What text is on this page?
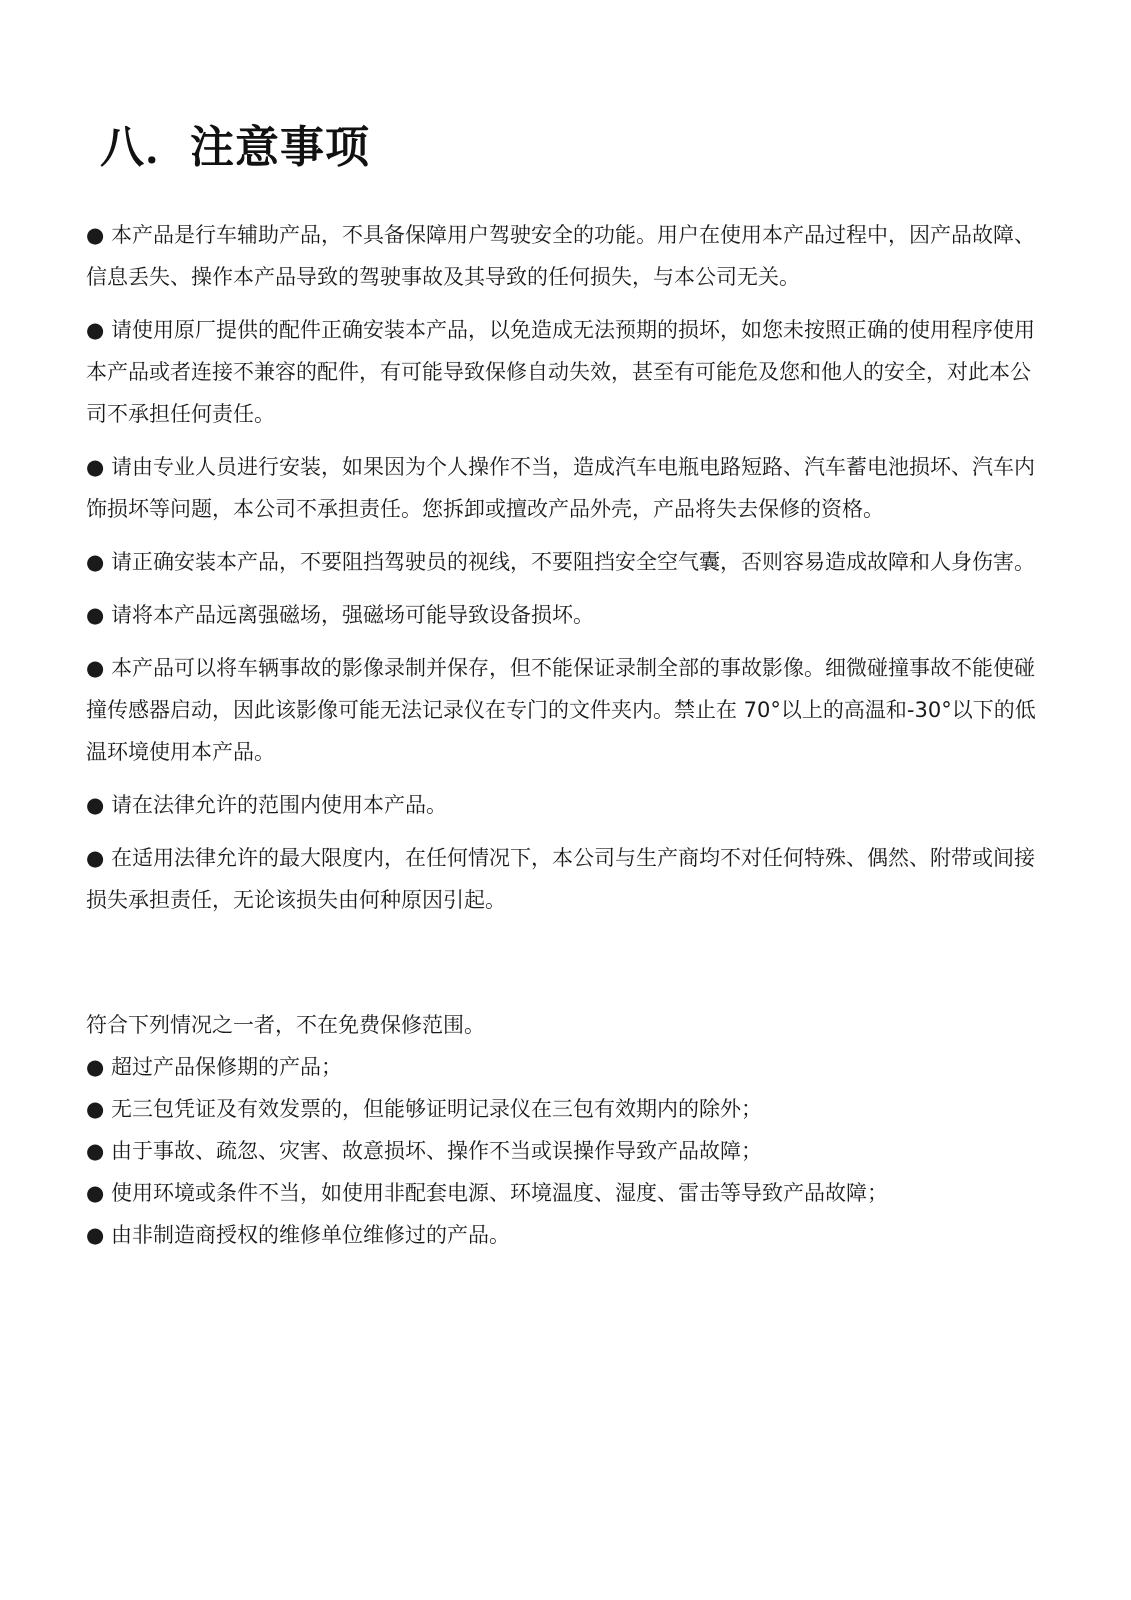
八．注意事项
● 本产品是行车辅助产品，不具备保障用户驾驶安全的功能。用户在使用本产品过程中，因产品故障、信息丢失、操作本产品导致的驾驶事故及其导致的任何损失，与本公司无关。
● 请使用原厂提供的配件正确安装本产品，以免造成无法预期的损坏，如您未按照正确的使用程序使用本产品或者连接不兼容的配件，有可能导致保修自动失效，甚至有可能危及您和他人的安全，对此本公司不承担任何责任。
● 请由专业人员进行安装，如果因为个人操作不当，造成汽车电瓶电路短路、汽车蓄电池损坏、汽车内饰损坏等问题，本公司不承担责任。您拆卸或擅改产品外壳，产品将失去保修的资格。
● 请正确安装本产品，不要阻挡驾驶员的视线，不要阻挡安全空气囊，否则容易造成故障和人身伤害。
● 请将本产品远离强磁场，强磁场可能导致设备损坏。
● 本产品可以将车辆事故的影像录制并保存，但不能保证录制全部的事故影像。细微碰撞事故不能使碰撞传感器启动，因此该影像可能无法记录仪在专门的文件夹内。禁止在 70°以上的高温和-30°以下的低温环境使用本产品。
● 请在法律允许的范围内使用本产品。
● 在适用法律允许的最大限度内，在任何情况下，本公司与生产商均不对任何特殊、偶然、附带或间接损失承担责任，无论该损失由何种原因引起。

符合下列情况之一者，不在免费保修范围。

● 超过产品保修期的产品；
● 无三包凭证及有效发票的，但能够证明记录仪在三包有效期内的除外；
● 由于事故、疏忽、灾害、故意损坏、操作不当或误操作导致产品故障；
● 使用环境或条件不当，如使用非配套电源、环境温度、湿度、雷击等导致产品故障；
● 由非制造商授权的维修单位维修过的产品。
